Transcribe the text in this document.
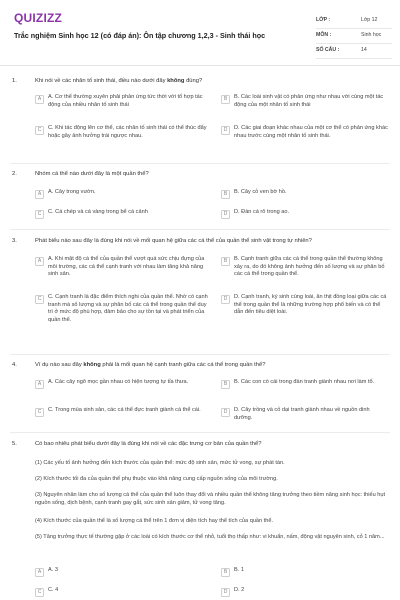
QUIZIZZ
Trắc nghiệm Sinh học 12 (có đáp án): Ôn tập chương 1,2,3 - Sinh thái học
LỚP :	Lớp 12
MÔN :	Sinh học
SỐ CÂU :	14
1.	Khi nói về các nhân tố sinh thái, điều nào dưới đây không đúng?
A	A. Cơ thể thường xuyên phải phản ứng tức thời với tổ hợp tác động của nhiều nhân tố sinh thái
B	B. Các loài sinh vật có phản ứng như nhau với cùng một tác động của một nhân tố sinh thái
C	C. Khi tác động lên cơ thể, các nhân tố sinh thái có thể thúc đẩy hoặc gây ảnh hưởng trái ngược nhau.
D	D. Các giai đoạn khác nhau của một cơ thể có phản ứng khác nhau trước cùng một nhân tố sinh thái.
2.	Nhóm cá thể nào dưới đây là một quần thể?
A	A. Cây trong vườn.	B	B. Cây cỏ ven bờ hồ.
C	C. Cá chép và cá vàng trong bể cá cảnh	D	D. Đàn cá rô trong ao.
3.	Phát biểu nào sau đây là đúng khi nói về mối quan hệ giữa các cá thể của quần thể sinh vật trong tự nhiên?
A	A. Khi mật độ cá thể của quần thể vượt quá sức chịu đựng của môi trường, các cá thể cạnh tranh với nhau làm tăng khả năng sinh sản.
B	B. Cạnh tranh giữa các cá thể trong quần thể thường không xảy ra, do đó không ảnh hưởng đến số lượng và sự phân bố các cá thể trong quần thể.
C	C. Cạnh tranh là đặc điểm thích nghi của quần thể. Nhờ có cạnh tranh mà số lượng và sự phân bố các cá thể trong quần thể duy trì ở mức độ phù hợp, đảm bảo cho sự tồn tại và phát triển của quần thể.
D	D. Cạnh tranh, ký sinh cùng loài, ăn thịt đồng loại giữa các cá thể trong quần thể là những trường hợp phổ biến và có thể dẫn đến tiêu diệt loài.
4.	Ví dụ nào sau đây không phải là mối quan hệ cạnh tranh giữa các cá thể trong quần thể?
A	A. Các cây ngô mọc gần nhau có hiện tượng tự tỉa thưa.	B	B. Các con cò cái trong đàn tranh giành nhau nơi làm tổ.
C	C. Trong mùa sinh sản, các cá thể đực tranh giành cá thể cái.	D	D. Cây trồng và cỏ dại tranh giành nhau về nguồn dinh dưỡng.
5.	Có bao nhiêu phát biểu dưới đây là đúng khi nói về các đặc trưng cơ bản của quần thể?
(1) Các yếu tố ảnh hưởng đến kích thước của quần thể: mức độ sinh sản, mức tử vong, sự phát tán.
(2) Kích thước tối đa của quần thể phụ thuộc vào khả năng cung cấp nguồn sống của môi trường.
(3) Nguyên nhân làm cho số lượng cá thể của quần thể luôn thay đổi và nhiều quần thể không tăng trưởng theo tiềm năng sinh học: thiếu hụt nguồn sống, dịch bệnh, cạnh tranh gay gắt, sức sinh sản giảm, tử vong tăng.
(4) Kích thước của quần thể là số lượng cá thể trên 1 đơn vị diện tích hay thể tích của quần thể.
(5) Tăng trưởng thực tế thường gặp ở các loài có kích thước cơ thể nhỏ, tuổi thọ thấp như: vi khuẩn, nấm, động vật nguyên sinh, cỏ 1 năm...
A	A. 3	B	B. 1
C	C. 4	D	D. 2
